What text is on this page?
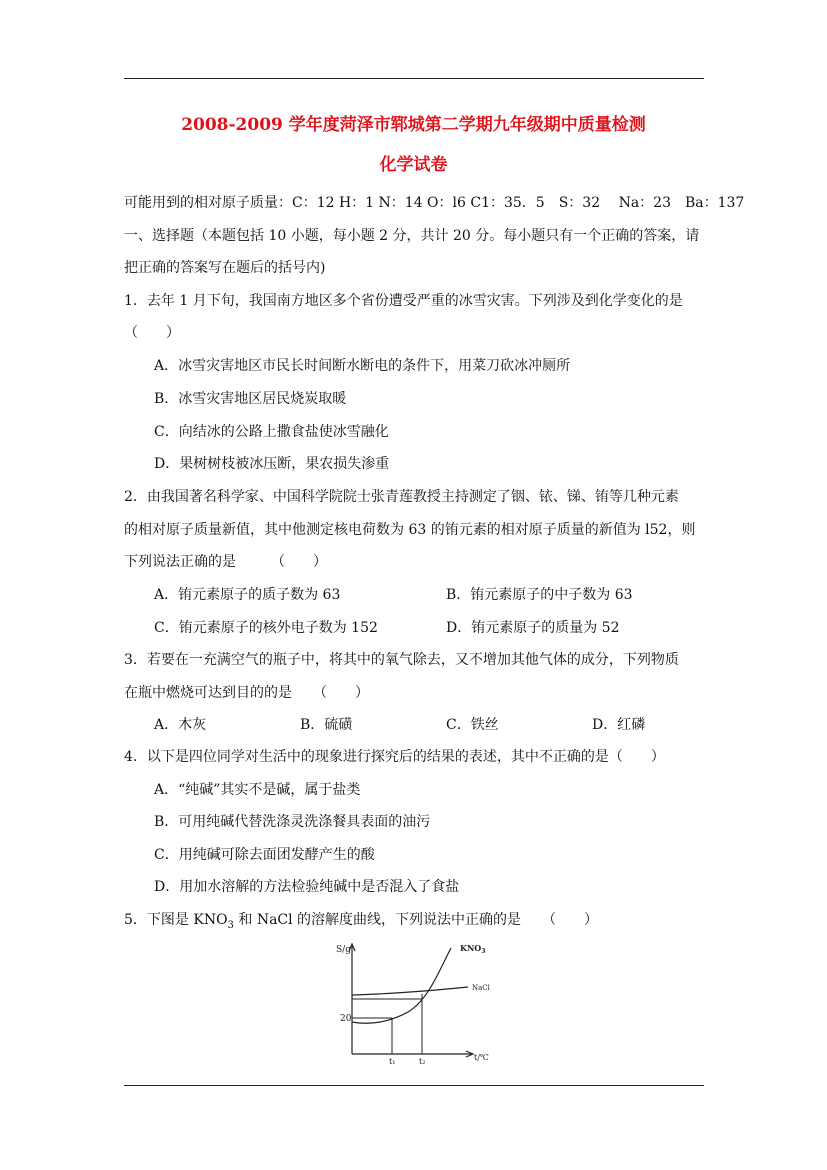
2008-2009 学年度菏泽市郓城第二学期九年级期中质量检测
化学试卷
可能用到的相对原子质量：C：12 H：1 N：14 O：l6 C1：35．5　S：32　 Na：23　Ba：137
一、选择题（本题包括 10 小题，每小题 2 分，共计 20 分。每小题只有一个正确的答案，请
把正确的答案写在题后的括号内)
1．去年 1 月下旬，我国南方地区多个省份遭受严重的冰雪灾害。下列涉及到化学变化的是
（　　）
A．冰雪灾害地区市民长时间断水断电的条件下，用菜刀砍冰冲厕所
B．冰雪灾害地区居民烧炭取暖
C．向结冰的公路上撒食盐使冰雪融化
D．果树树枝被冰压断，果农损失渗重
2．由我国著名科学家、中国科学院院士张青莲教授主持测定了铟、铱、锑、铕等几种元素
的相对原子质量新值，其中他测定核电荷数为 63 的铕元素的相对原子质量的新值为 l52，则
下列说法正确的是　　　（　　）
A．铕元素原子的质子数为 63	B．铕元素原子的中子数为 63
C．铕元素原子的核外电子数为 152	D．铕元素原子的质量为 52
3．若要在一充满空气的瓶子中，将其中的氧气除去，又不增加其他气体的成分，下列物质
在瓶中燃烧可达到目的的是　　（　　）
A．木灰	B．硫磺	C．铁丝	D．红磷
4．以下是四位同学对生活中的现象进行探究后的结果的表述，其中不正确的是（　　）
A．“纯碱”其实不是碱，属于盐类
B．可用纯碱代替洗涤灵洗涤餐具表面的油污
C．用纯碱可除去面团发酵产生的酸
D．用加水溶解的方法检验纯碱中是否混入了食盐
5．下图是 $KNO_3$ 和 NaCl 的溶解度曲线，下列说法中正确的是　　（　　）
S/g
20
t₁	t₂	t/℃
$KNO_3$
NaCl
